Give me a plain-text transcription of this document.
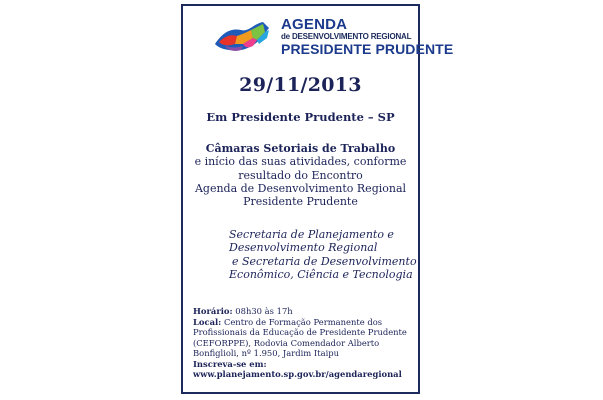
AGENDA
de DESENVOLVIMENTO REGIONAL
PRESIDENTE PRUDENTE
29/11/2013
Em Presidente Prudente – SP
Câmaras Setoriais de Trabalho
e início das suas atividades, conforme
resultado do Encontro
Agenda de Desenvolvimento Regional
Presidente Prudente
Secretaria de Planejamento e
Desenvolvimento Regional
e Secretaria de Desenvolvimento
Econômico, Ciência e Tecnologia
Horário: 08h30 às 17h
Local: Centro de Formação Permanente dos
Profissionais da Educação de Presidente Prudente
(CEFORPPE), Rodovia Comendador Alberto
Bonfiglioli, nº 1.950, Jardim Itaipu
Inscreva-se em:
www.planejamento.sp.gov.br/agendaregional
